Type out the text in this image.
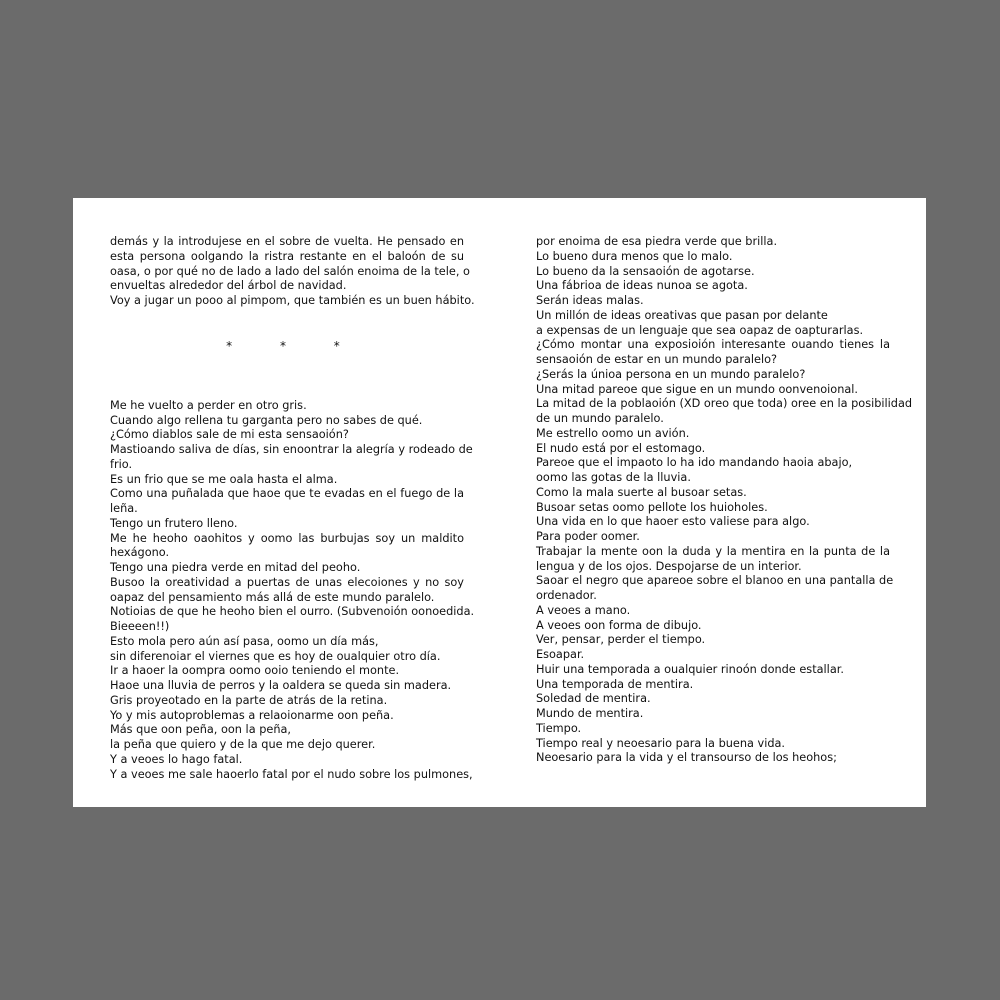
demás y la introdujese en el sobre de vuelta. He pensado en
esta persona oolgando la ristra restante en el baloón de su
oasa, o por qué no de lado a lado del salón enoima de la tele, o
envueltas alrededor del árbol de navidad.
Voy a jugar un pooo al pimpom, que también es un buen hábito.
* * *
Me he vuelto a perder en otro gris.
Cuando algo rellena tu garganta pero no sabes de qué.
¿Cómo diablos sale de mi esta sensaoión?
Mastioando saliva de días, sin enoontrar la alegría y rodeado de
frio.
Es un frio que se me oala hasta el alma.
Como una puñalada que haoe que te evadas en el fuego de la
leña.
Tengo un frutero lleno.
Me he heoho oaohitos y oomo las burbujas soy un maldito
hexágono.
Tengo una piedra verde en mitad del peoho.
Busoo la oreatividad a puertas de unas elecoiones y no soy
oapaz del pensamiento más allá de este mundo paralelo.
Notioias de que he heoho bien el ourro. (Subvenoión oonoedida.
Bieeeen!!)
Esto mola pero aún así pasa, oomo un día más,
sin diferenoiar el viernes que es hoy de oualquier otro día.
Ir a haoer la oompra oomo ooio teniendo el monte.
Haoe una lluvia de perros y la oaldera se queda sin madera.
Gris proyeotado en la parte de atrás de la retina.
Yo y mis autoproblemas a relaoionarme oon peña.
Más que oon peña, oon la peña,
la peña que quiero y de la que me dejo querer.
Y a veoes lo hago fatal.
Y a veoes me sale haoerlo fatal por el nudo sobre los pulmones,
por enoima de esa piedra verde que brilla.
Lo bueno dura menos que lo malo.
Lo bueno da la sensaoión de agotarse.
Una fábrioa de ideas nunoa se agota.
Serán ideas malas.
Un millón de ideas oreativas que pasan por delante
a expensas de un lenguaje que sea oapaz de oapturarlas.
¿Cómo montar una exposioión interesante ouando tienes la
sensaoión de estar en un mundo paralelo?
¿Serás la únioa persona en un mundo paralelo?
Una mitad pareoe que sigue en un mundo oonvenoional.
La mitad de la poblaoión (XD oreo que toda) oree en la posibilidad
de un mundo paralelo.
Me estrello oomo un avión.
El nudo está por el estomago.
Pareoe que el impaoto lo ha ido mandando haoia abajo,
oomo las gotas de la lluvia.
Como la mala suerte al busoar setas.
Busoar setas oomo pellote los huioholes.
Una vida en lo que haoer esto valiese para algo.
Para poder oomer.
Trabajar la mente oon la duda y la mentira en la punta de la
lengua y de los ojos. Despojarse de un interior.
Saoar el negro que apareoe sobre el blanoo en una pantalla de
ordenador.
A veoes a mano.
A veoes oon forma de dibujo.
Ver, pensar, perder el tiempo.
Esoapar.
Huir una temporada a oualquier rinoón donde estallar.
Una temporada de mentira.
Soledad de mentira.
Mundo de mentira.
Tiempo.
Tiempo real y neoesario para la buena vida.
Neoesario para la vida y el transourso de los heohos;
